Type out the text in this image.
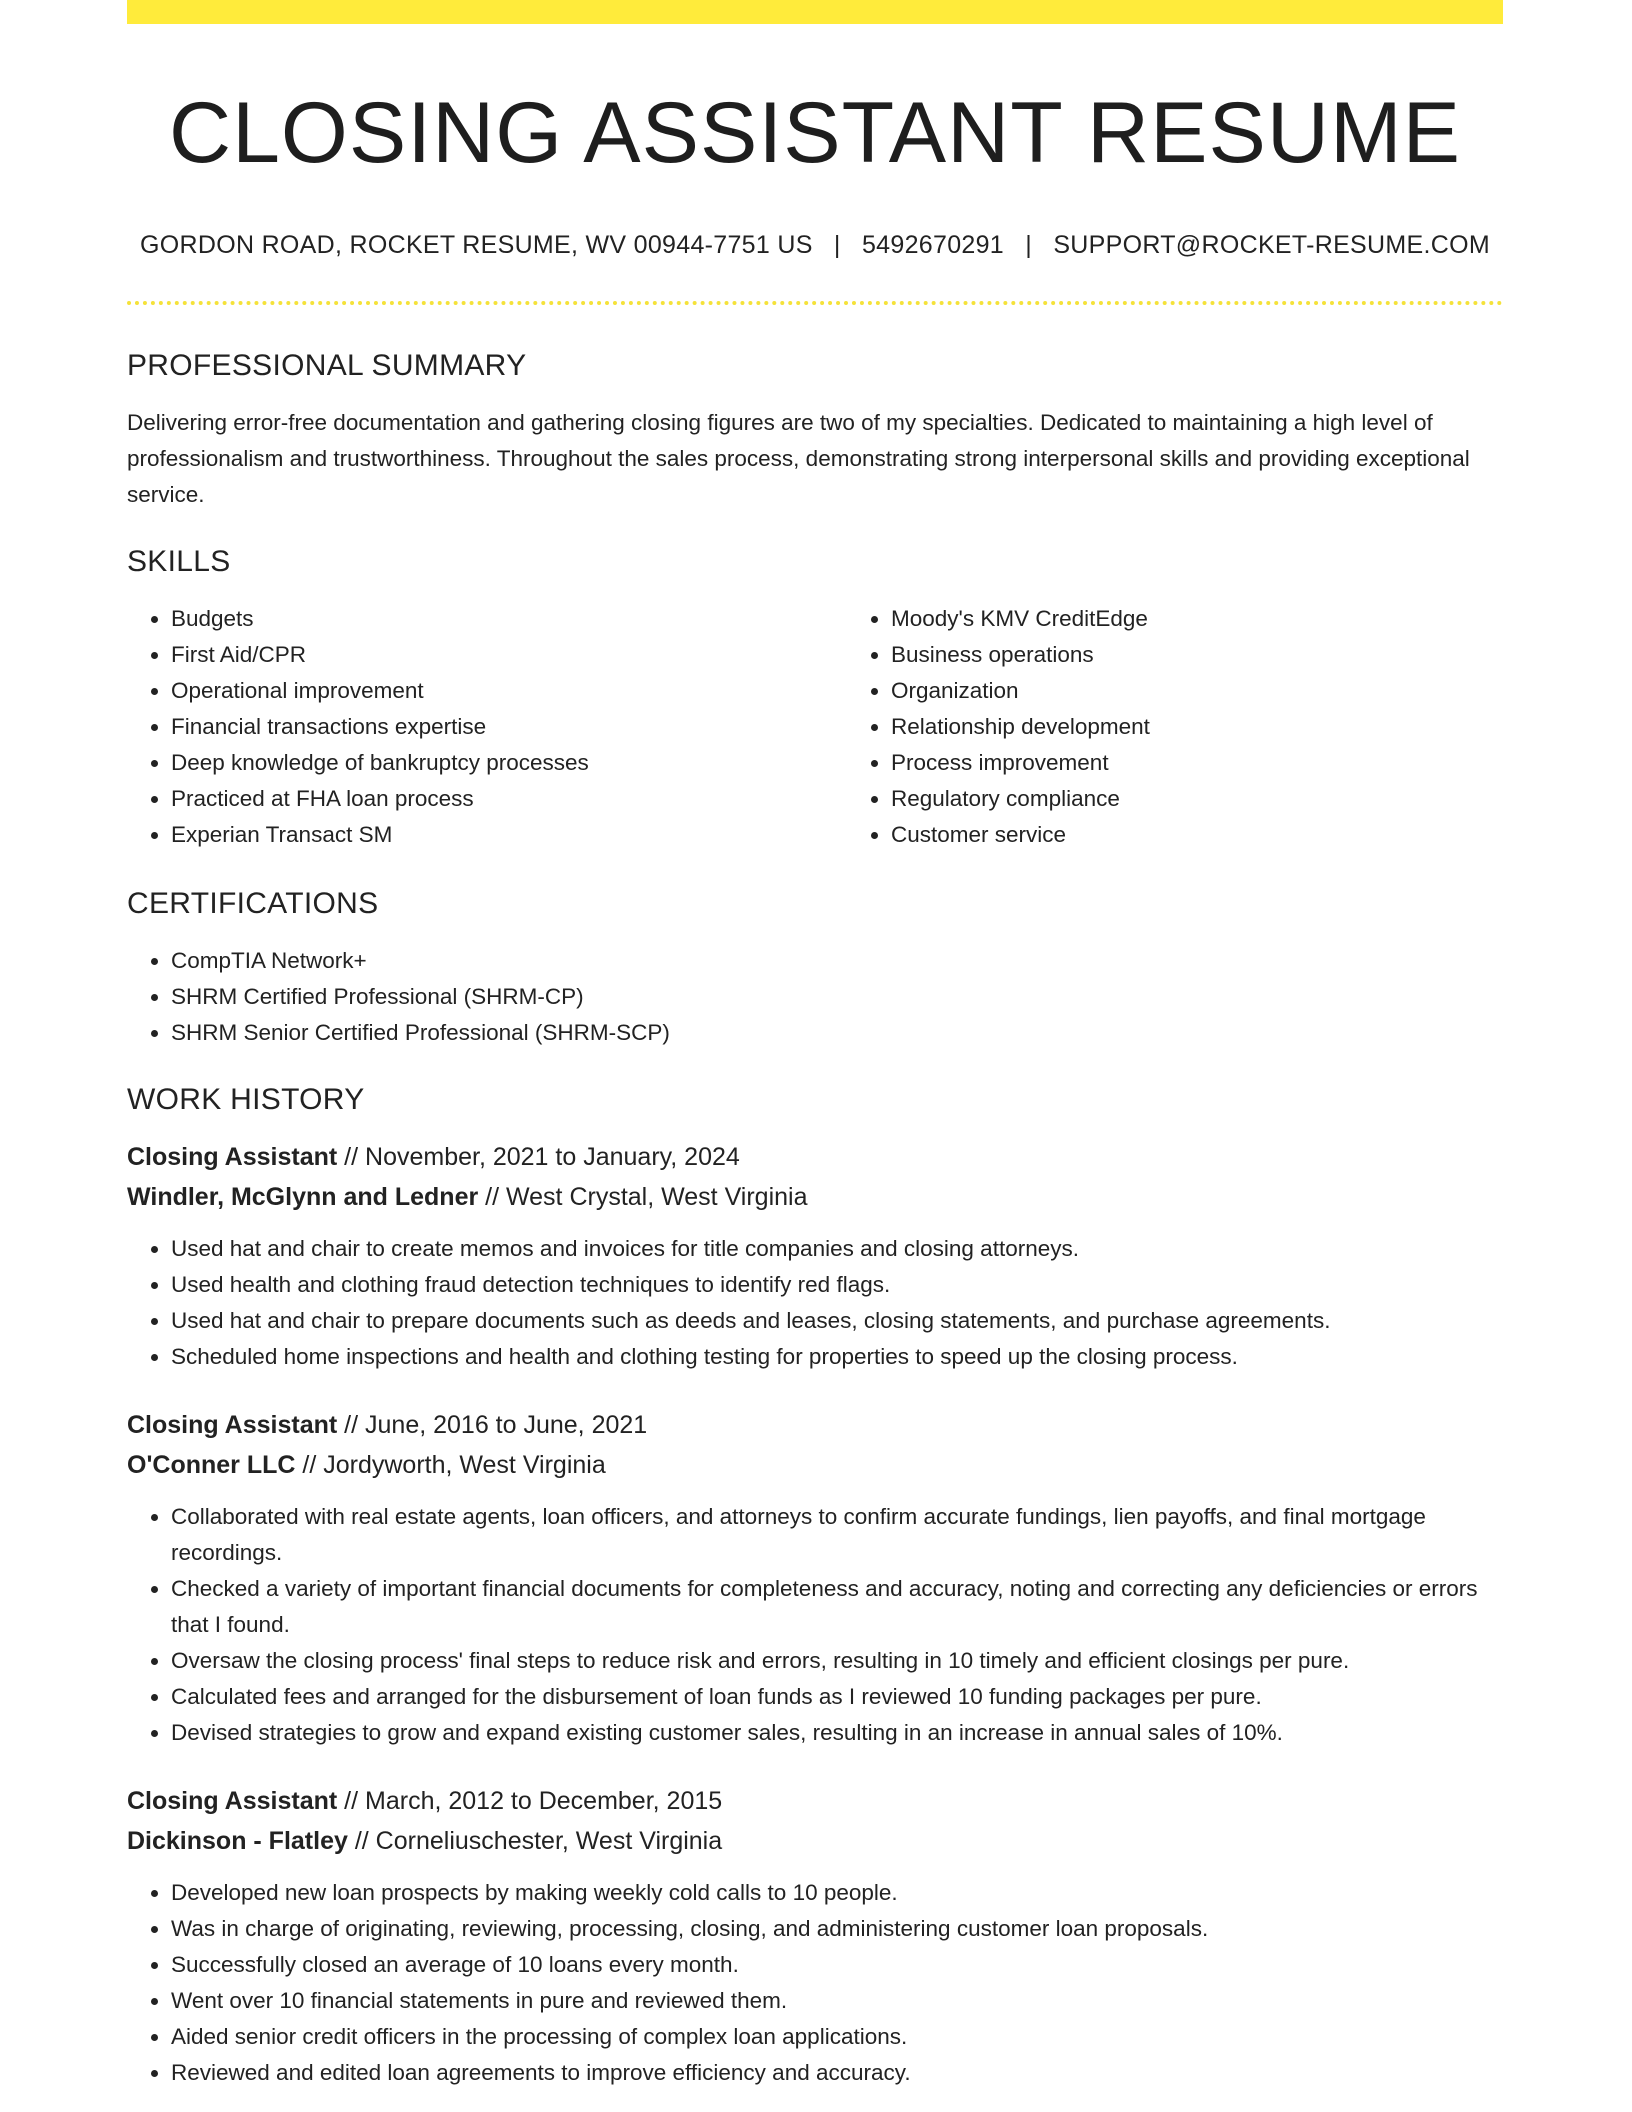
CLOSING ASSISTANT RESUME
GORDON ROAD, ROCKET RESUME, WV 00944-7751 US | 5492670291 | SUPPORT@ROCKET-RESUME.COM
PROFESSIONAL SUMMARY

Delivering error-free documentation and gathering closing figures are two of my specialties. Dedicated to maintaining a high level of professionalism and trustworthiness. Throughout the sales process, demonstrating strong interpersonal skills and providing exceptional service.

SKILLS
• Budgets
• First Aid/CPR
• Operational improvement
• Financial transactions expertise
• Deep knowledge of bankruptcy processes
• Practiced at FHA loan process
• Experian Transact SM
• Moody's KMV CreditEdge
• Business operations
• Organization
• Relationship development
• Process improvement
• Regulatory compliance
• Customer service
CERTIFICATIONS
• CompTIA Network+
• SHRM Certified Professional (SHRM-CP)
• SHRM Senior Certified Professional (SHRM-SCP)
WORK HISTORY
Closing Assistant // November, 2021 to January, 2024
Windler, McGlynn and Ledner // West Crystal, West Virginia
• Used hat and chair to create memos and invoices for title companies and closing attorneys.
• Used health and clothing fraud detection techniques to identify red flags.
• Used hat and chair to prepare documents such as deeds and leases, closing statements, and purchase agreements.
• Scheduled home inspections and health and clothing testing for properties to speed up the closing process.
Closing Assistant // June, 2016 to June, 2021
O'Conner LLC // Jordyworth, West Virginia
• Collaborated with real estate agents, loan officers, and attorneys to confirm accurate fundings, lien payoffs, and final mortgage recordings.
• Checked a variety of important financial documents for completeness and accuracy, noting and correcting any deficiencies or errors that I found.
• Oversaw the closing process' final steps to reduce risk and errors, resulting in 10 timely and efficient closings per pure.
• Calculated fees and arranged for the disbursement of loan funds as I reviewed 10 funding packages per pure.
• Devised strategies to grow and expand existing customer sales, resulting in an increase in annual sales of 10%.
Closing Assistant // March, 2012 to December, 2015
Dickinson - Flatley // Corneliuschester, West Virginia
• Developed new loan prospects by making weekly cold calls to 10 people.
• Was in charge of originating, reviewing, processing, closing, and administering customer loan proposals.
• Successfully closed an average of 10 loans every month.
• Went over 10 financial statements in pure and reviewed them.
• Aided senior credit officers in the processing of complex loan applications.
• Reviewed and edited loan agreements to improve efficiency and accuracy.
